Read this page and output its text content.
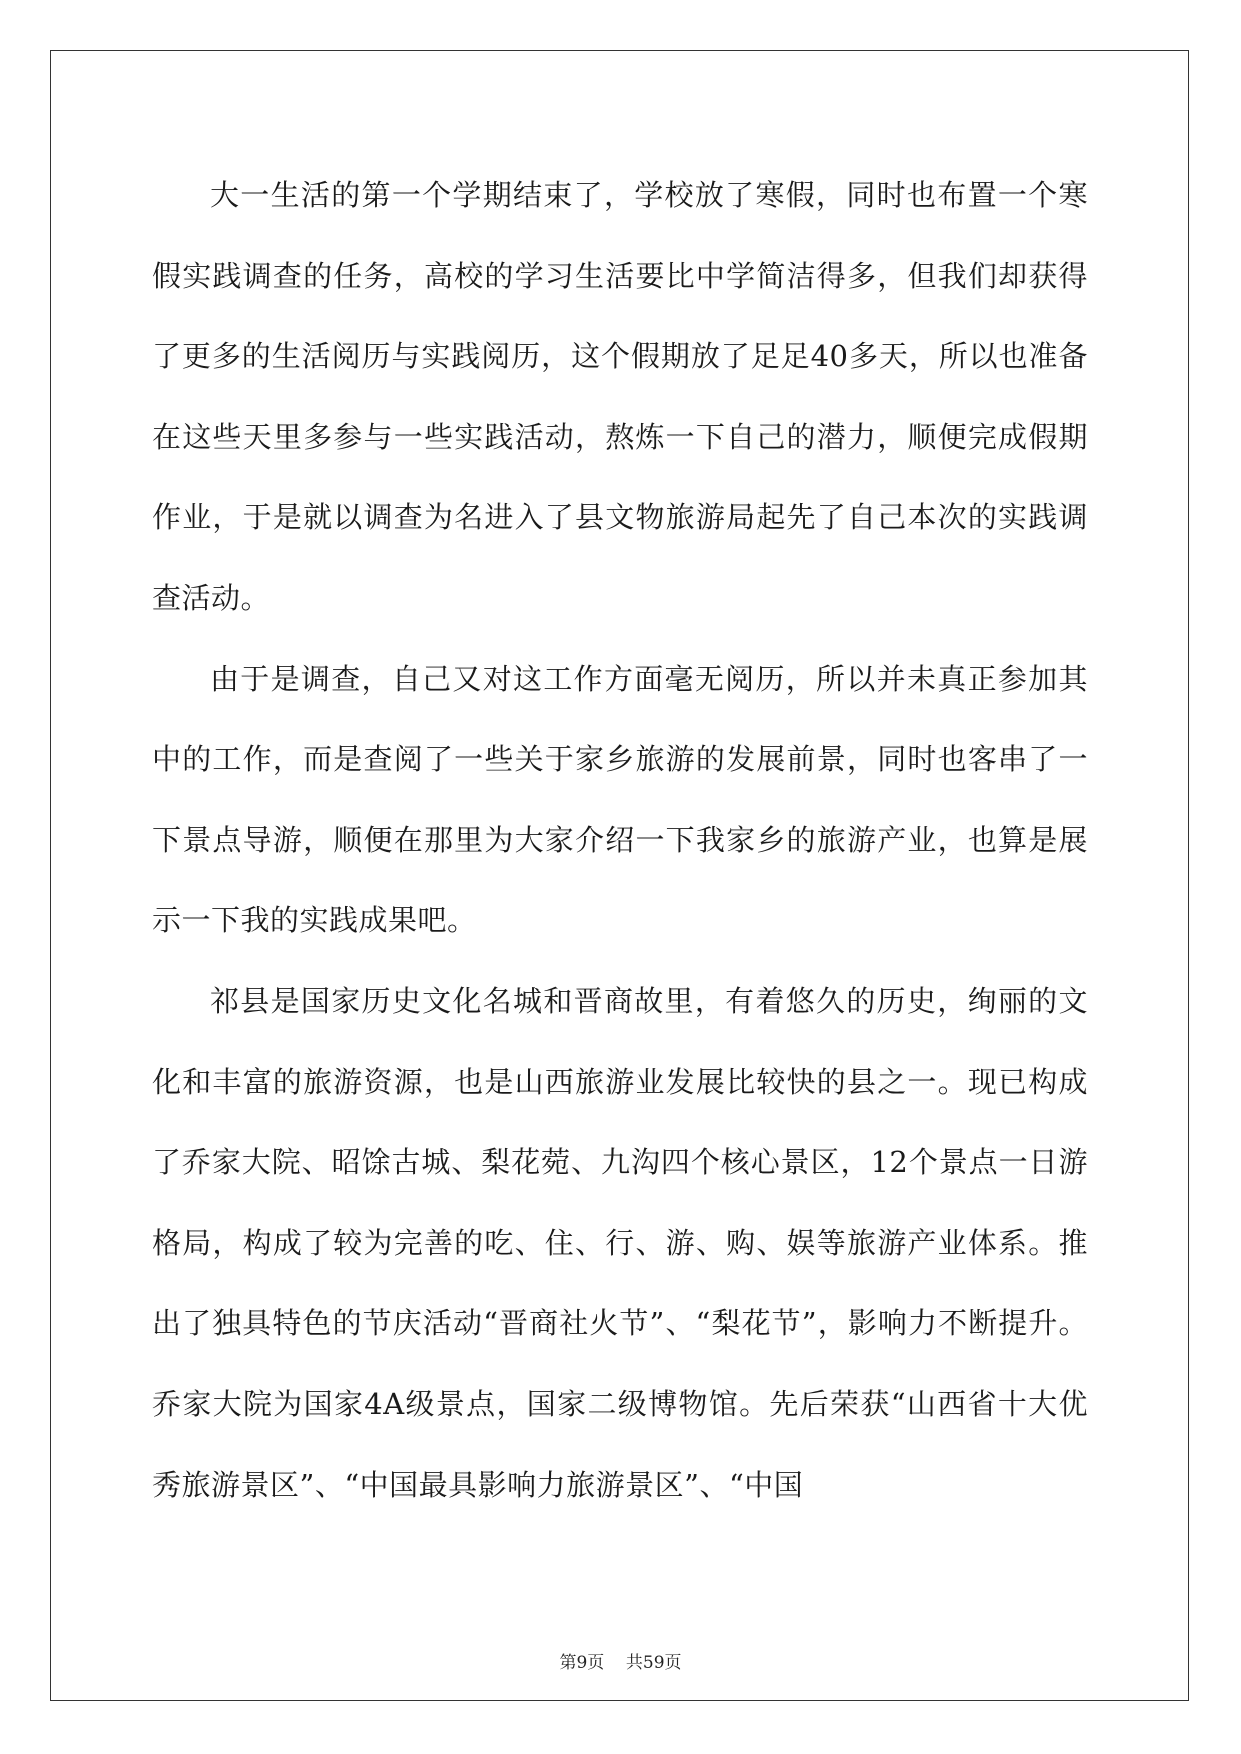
大一生活的第一个学期结束了，学校放了寒假，同时也布置一个寒假实践调查的任务，高校的学习生活要比中学简洁得多，但我们却获得了更多的生活阅历与实践阅历，这个假期放了足足40多天，所以也准备在这些天里多参与一些实践活动，熬炼一下自己的潜力，顺便完成假期作业，于是就以调查为名进入了县文物旅游局起先了自己本次的实践调查活动。

由于是调查，自己又对这工作方面毫无阅历，所以并未真正参加其中的工作，而是查阅了一些关于家乡旅游的发展前景，同时也客串了一下景点导游，顺便在那里为大家介绍一下我家乡的旅游产业，也算是展示一下我的实践成果吧。

祁县是国家历史文化名城和晋商故里，有着悠久的历史，绚丽的文化和丰富的旅游资源，也是山西旅游业发展比较快的县之一。现已构成了乔家大院、昭馀古城、梨花菀、九沟四个核心景区，12个景点一日游格局，构成了较为完善的吃、住、行、游、购、娱等旅游产业体系。推出了独具特色的节庆活动“晋商社火节”、“梨花节”，影响力不断提升。乔家大院为国家4A级景点，国家二级博物馆。先后荣获“山西省十大优秀旅游景区”、“中国最具影响力旅游景区”、“中国

第9页 共59页
